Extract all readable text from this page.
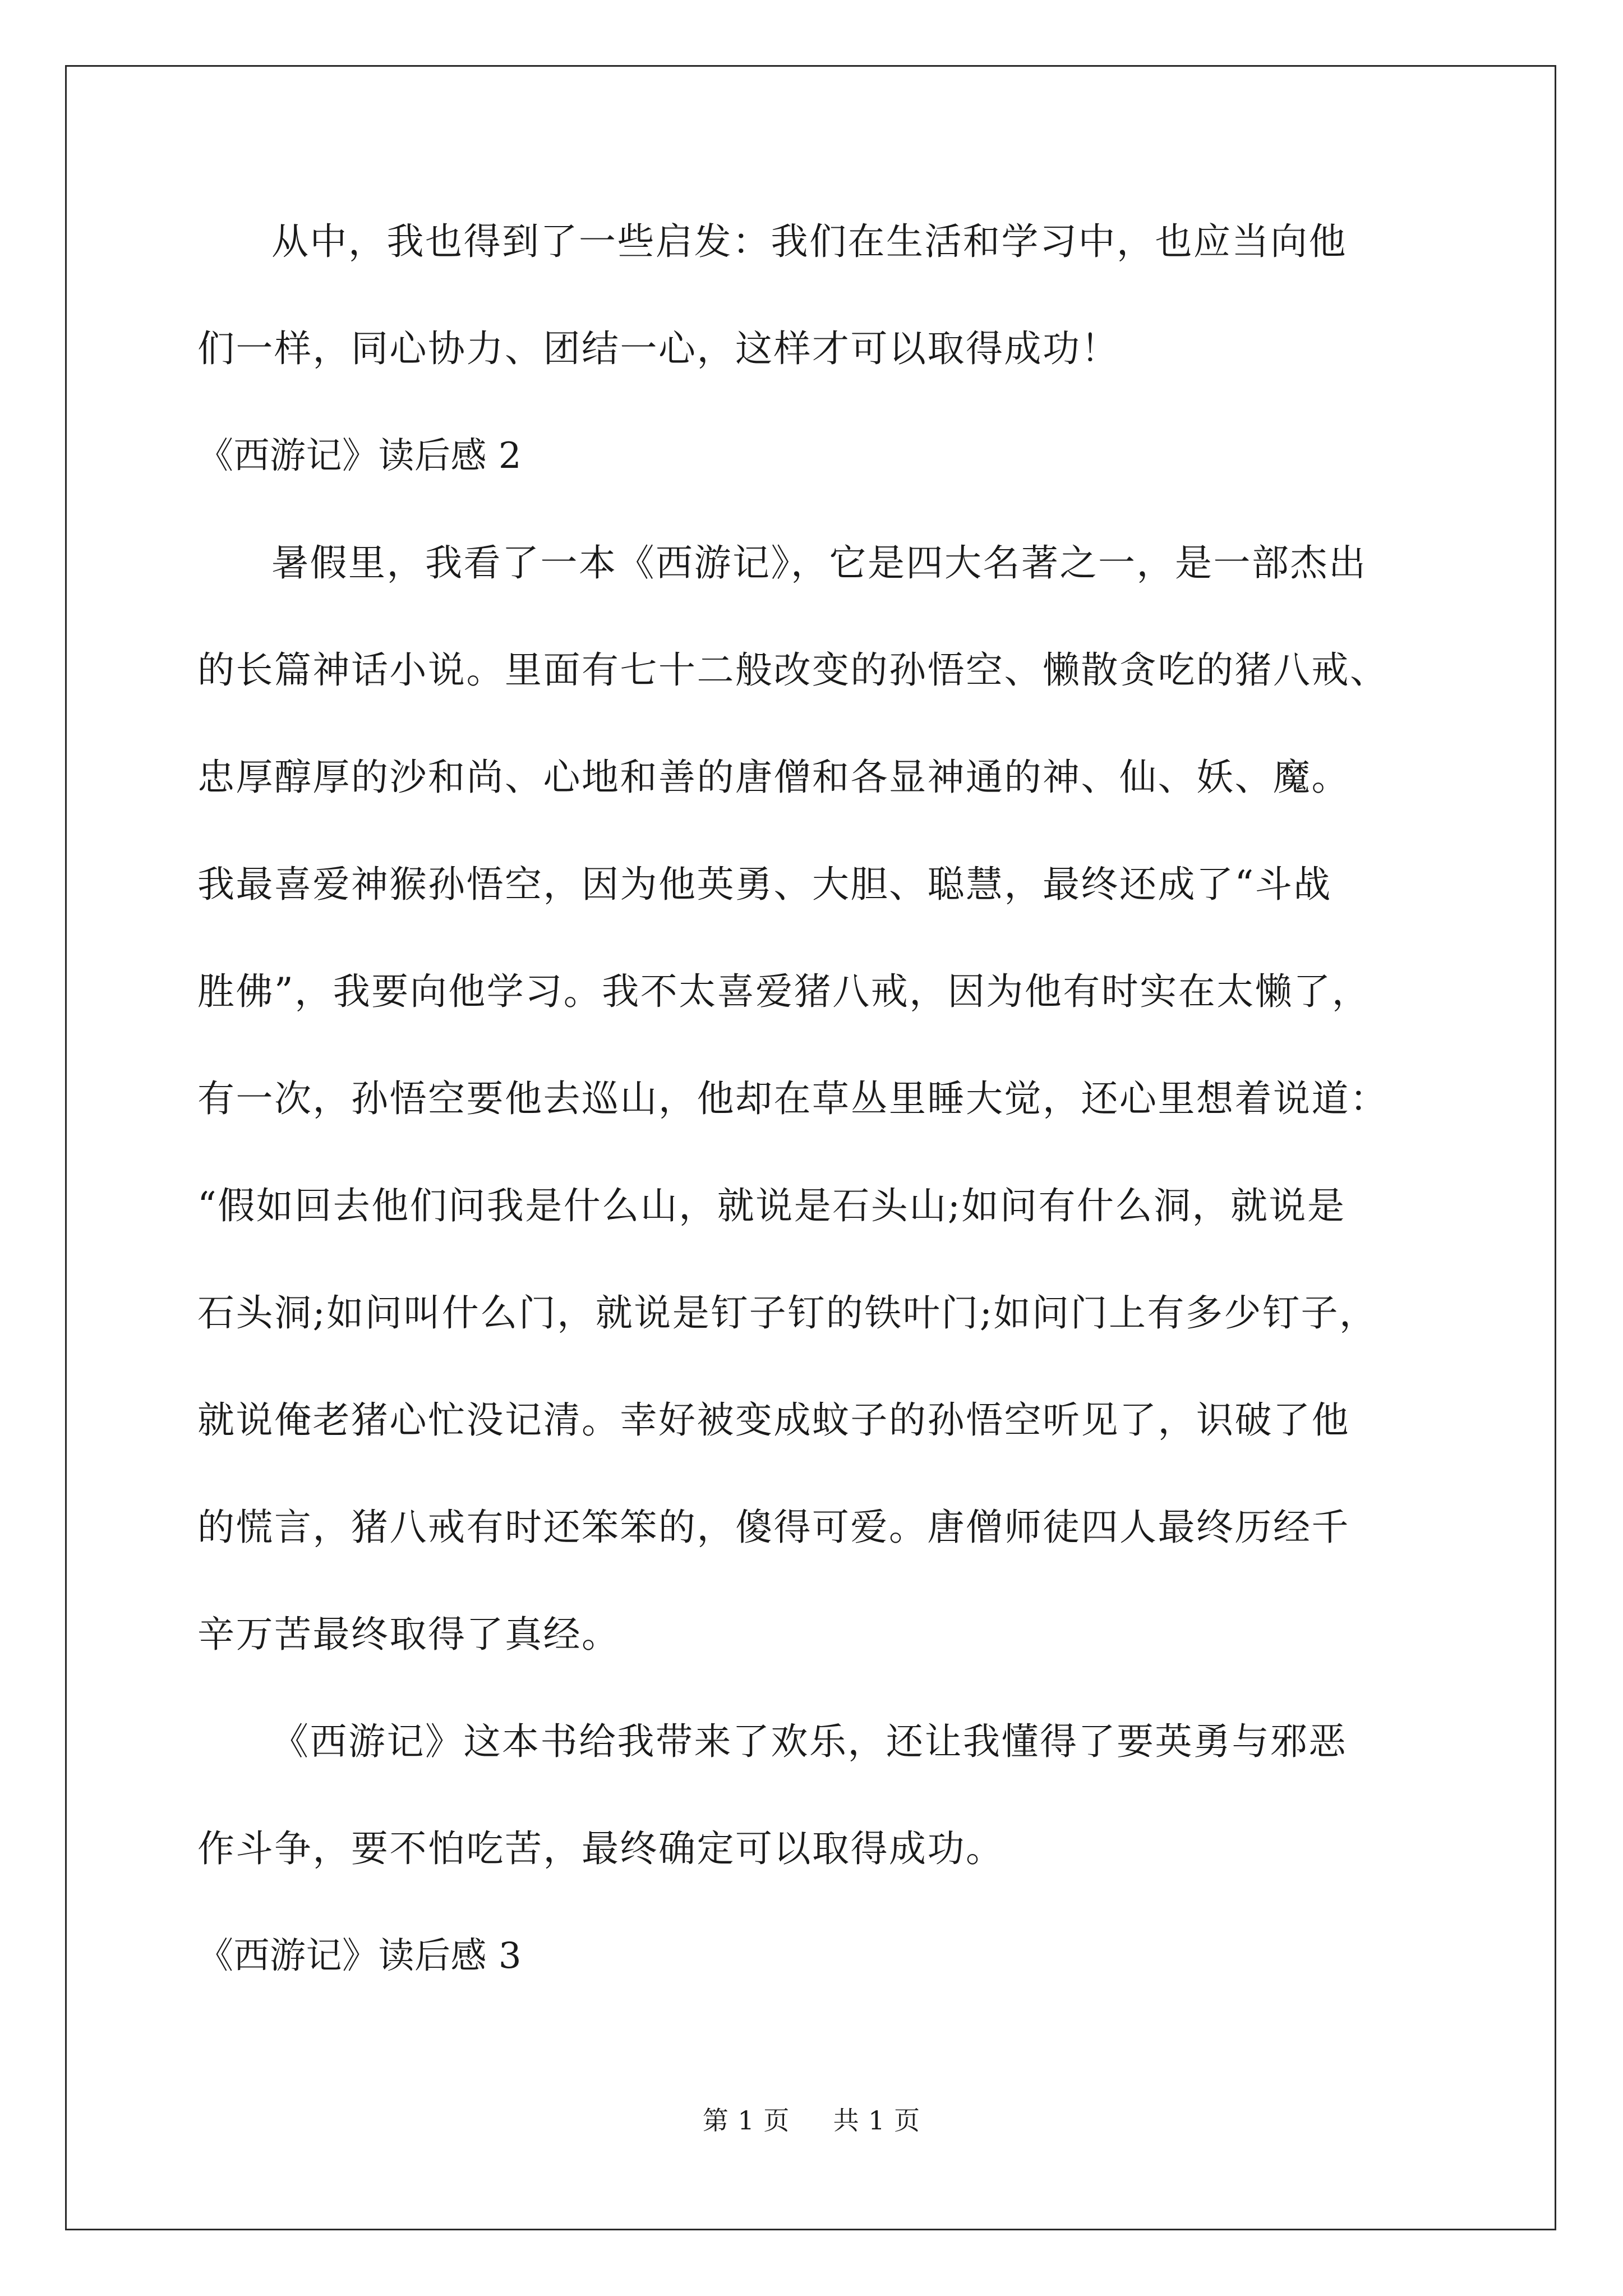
从中，我也得到了一些启发：我们在生活和学习中，也应当向他
们一样，同心协力、团结一心，这样才可以取得成功！
《西游记》读后感 2
暑假里，我看了一本《西游记》，它是四大名著之一，是一部杰出
的长篇神话小说。里面有七十二般改变的孙悟空、懒散贪吃的猪八戒、
忠厚醇厚的沙和尚、心地和善的唐僧和各显神通的神、仙、妖、魔。
我最喜爱神猴孙悟空，因为他英勇、大胆、聪慧，最终还成了“斗战
胜佛”，我要向他学习。我不太喜爱猪八戒，因为他有时实在太懒了，
有一次，孙悟空要他去巡山，他却在草丛里睡大觉，还心里想着说道：
“假如回去他们问我是什么山，就说是石头山;如问有什么洞，就说是
石头洞;如问叫什么门，就说是钉子钉的铁叶门;如问门上有多少钉子，
就说俺老猪心忙没记清。幸好被变成蚊子的孙悟空听见了，识破了他
的慌言，猪八戒有时还笨笨的，傻得可爱。唐僧师徒四人最终历经千
辛万苦最终取得了真经。
《西游记》这本书给我带来了欢乐，还让我懂得了要英勇与邪恶
作斗争，要不怕吃苦，最终确定可以取得成功。
《西游记》读后感 3
第 1 页 共 1 页
